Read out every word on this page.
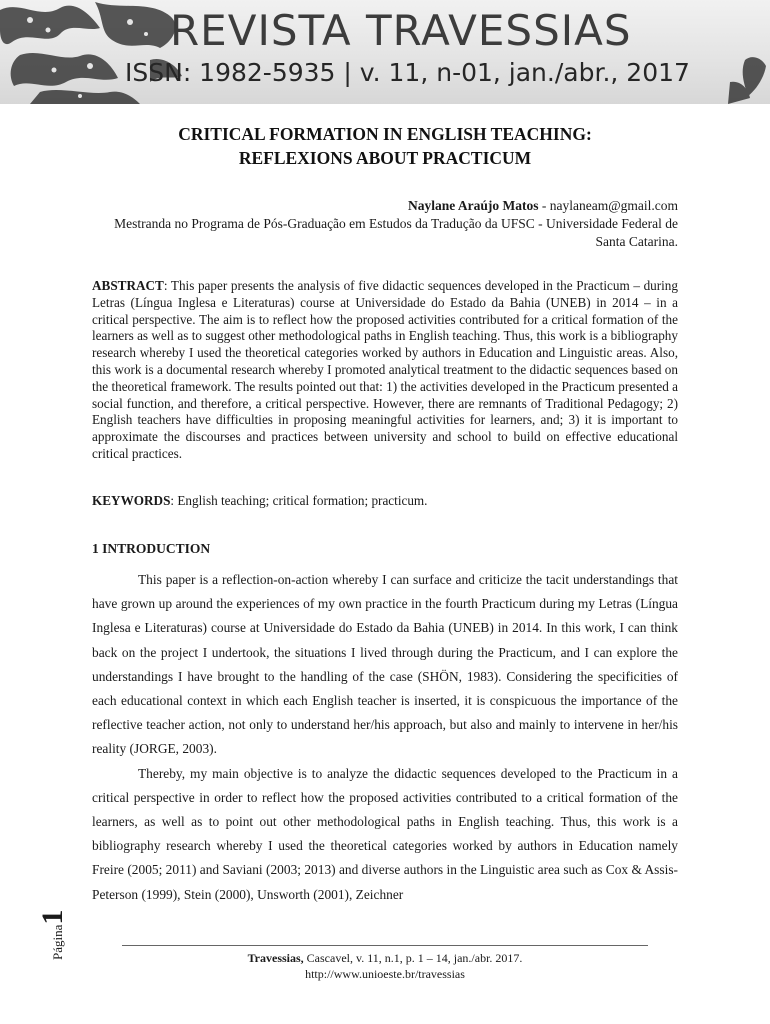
REVISTA TRAVESSIAS
ISSN: 1982-5935 | v. 11, n-01, jan./abr., 2017
CRITICAL FORMATION IN ENGLISH TEACHING:
REFLEXIONS ABOUT PRACTICUM
Naylane Araújo Matos - naylaneam@gmail.com
Mestranda no Programa de Pós-Graduação em Estudos da Tradução da UFSC - Universidade Federal de Santa Catarina.
ABSTRACT: This paper presents the analysis of five didactic sequences developed in the Practicum – during Letras (Língua Inglesa e Literaturas) course at Universidade do Estado da Bahia (UNEB) in 2014 – in a critical perspective. The aim is to reflect how the proposed activities contributed for a critical formation of the learners as well as to suggest other methodological paths in English teaching. Thus, this work is a bibliography research whereby I used the theoretical categories worked by authors in Education and Linguistic areas. Also, this work is a documental research whereby I promoted analytical treatment to the didactic sequences based on the theoretical framework. The results pointed out that: 1) the activities developed in the Practicum presented a social function, and therefore, a critical perspective. However, there are remnants of Traditional Pedagogy; 2) English teachers have difficulties in proposing meaningful activities for learners, and; 3) it is important to approximate the discourses and practices between university and school to build on effective educational critical practices.
KEYWORDS: English teaching; critical formation; practicum.
1 INTRODUCTION

This paper is a reflection-on-action whereby I can surface and criticize the tacit understandings that have grown up around the experiences of my own practice in the fourth Practicum during my Letras (Língua Inglesa e Literaturas) course at Universidade do Estado da Bahia (UNEB) in 2014. In this work, I can think back on the project I undertook, the situations I lived through during the Practicum, and I can explore the understandings I have brought to the handling of the case (SHÖN, 1983). Considering the specificities of each educational context in which each English teacher is inserted, it is conspicuous the importance of the reflective teacher action, not only to understand her/his approach, but also and mainly to intervene in her/his reality (JORGE, 2003).

Thereby, my main objective is to analyze the didactic sequences developed to the Practicum in a critical perspective in order to reflect how the proposed activities contributed to a critical formation of the learners, as well as to point out other methodological paths in English teaching. Thus, this work is a bibliography research whereby I used the theoretical categories worked by authors in Education namely Freire (2005; 2011) and Saviani (2003; 2013) and diverse authors in the Linguistic area such as Cox & Assis-Peterson (1999), Stein (2000), Unsworth (2001), Zeichner

Página1
Travessias, Cascavel, v. 11, n.1, p. 1 – 14, jan./abr. 2017.
http://www.unioeste.br/travessias
